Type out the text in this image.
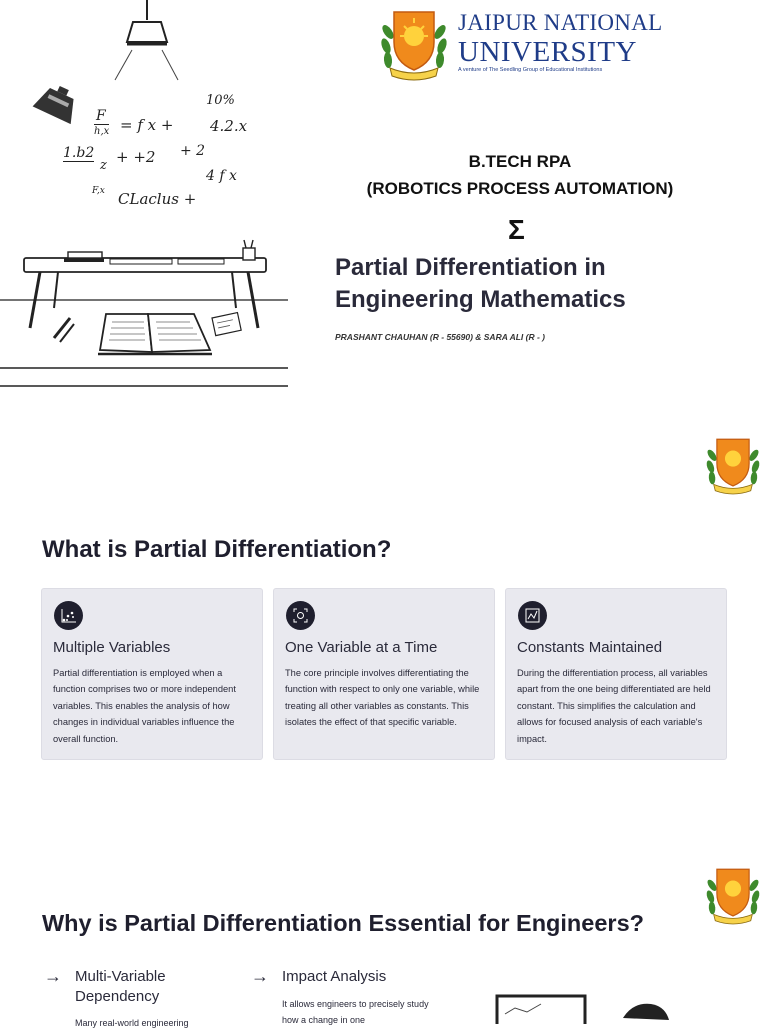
F
h,x = f x +
10%
4.2.x
1.b2
z + +2 + 2
4 f x
F,x CLaclus +
JAIPUR NATIONAL
UNIVERSITY
A venture of The Seedling Group of Educational Institutions
B.TECH RPA
(ROBOTICS PROCESS AUTOMATION)
Σ
Partial Differentiation in Engineering Mathematics
PRASHANT CHAUHAN (R - 55690) & SARA ALI (R - )
What is Partial Differentiation?
Multiple Variables
Partial differentiation is employed when a function comprises two or more independent variables. This enables the analysis of how changes in individual variables influence the overall function.
One Variable at a Time
The core principle involves differentiating the function with respect to only one variable, while treating all other variables as constants. This isolates the effect of that specific variable.
Constants Maintained
During the differentiation process, all variables apart from the one being differentiated are held constant. This simplifies the calculation and allows for focused analysis of each variable's impact.
Why is Partial Differentiation Essential for Engineers?
→ Multi-Variable Dependency
Many real-world engineering
→ Impact Analysis
It allows engineers to precisely study how a change in one
